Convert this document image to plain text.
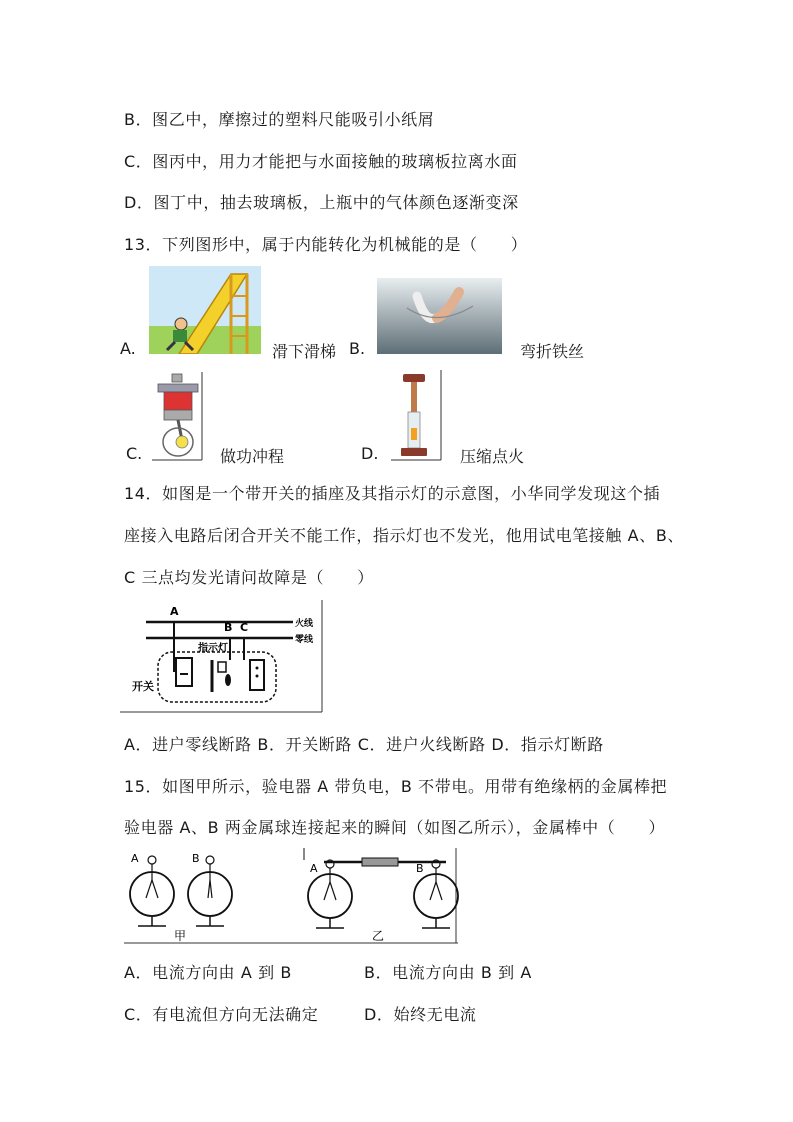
B．图乙中，摩擦过的塑料尺能吸引小纸屑
C．图丙中，用力才能把与水面接触的玻璃板拉离水面
D．图丁中，抽去玻璃板，上瓶中的气体颜色逐渐变深
13．下列图形中，属于内能转化为机械能的是（　　）
A.	滑下滑梯 B.	弯折铁丝
C.	做功冲程	D.	压缩点火
14．如图是一个带开关的插座及其指示灯的示意图，小华同学发现这个插
座接入电路后闭合开关不能工作，指示灯也不发光，他用试电笔接触 A、B、
C 三点均发光请问故障是（　　）
A
B C	火线
零线
指示灯
开关
A．进户零线断路 B．开关断路 C．进户火线断路 D．指示灯断路
15．如图甲所示，验电器 A 带负电，B 不带电。用带有绝缘柄的金属棒把
验电器 A、B 两金属球连接起来的瞬间（如图乙所示），金属棒中（　　）
A	B
甲
A	B
乙
A．电流方向由 A 到 B	B．电流方向由 B 到 A
C．有电流但方向无法确定	D．始终无电流
